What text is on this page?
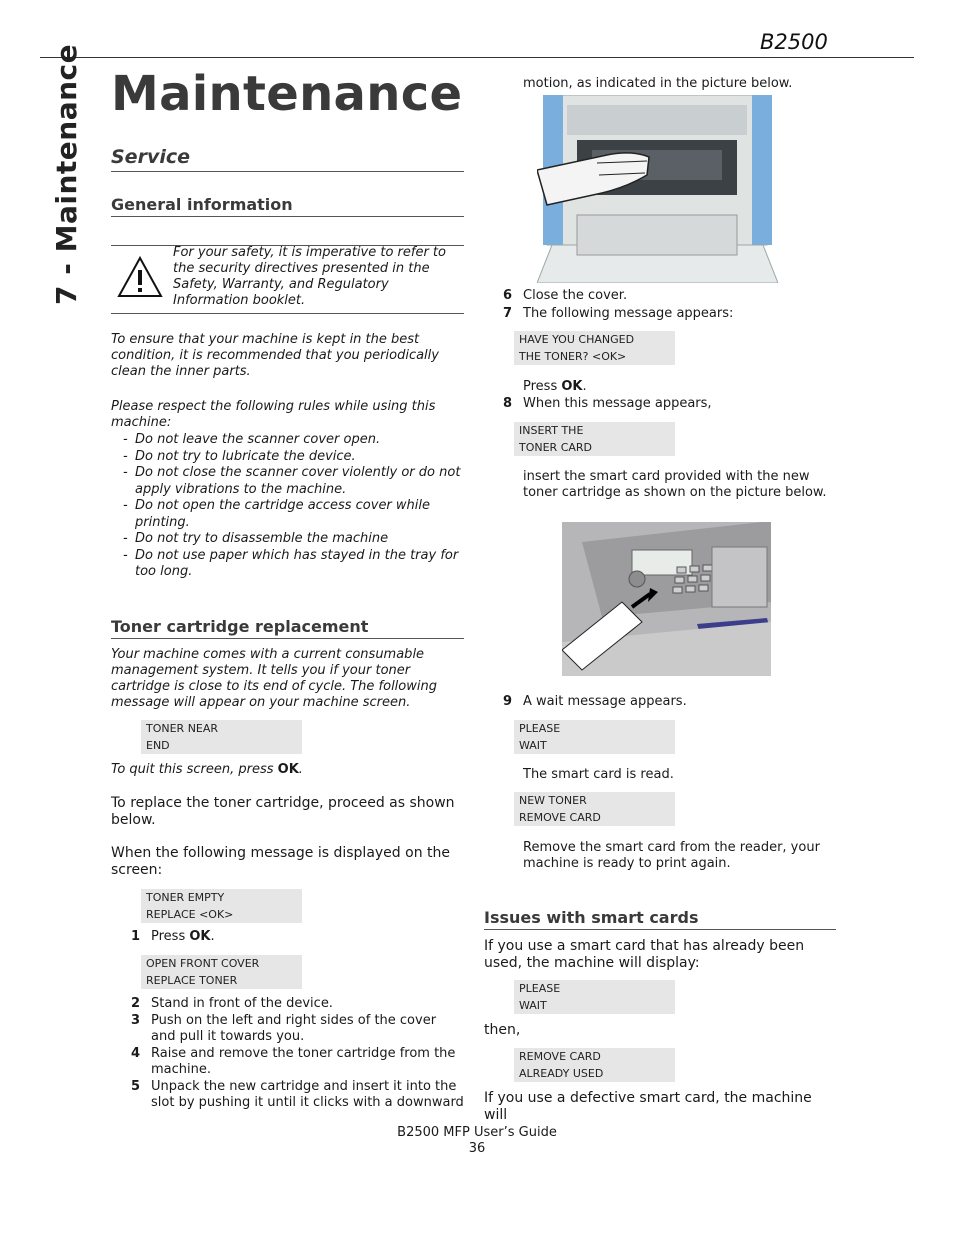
B2500
7 - Maintenance Maintenance
Service
General information
For your safety, it is imperative to refer to the security directives presented in the Safety, Warranty, and Regulatory Information booklet.
To ensure that your machine is kept in the best condition, it is recommended that you periodically clean the inner parts.
Please respect the following rules while using this machine:
- Do not leave the scanner cover open.
- Do not try to lubricate the device.
- Do not close the scanner cover violently or do not apply vibrations to the machine.
- Do not open the cartridge access cover while printing.
- Do not try to disassemble the machine
- Do not use paper which has stayed in the tray for too long.
Toner cartridge replacement
Your machine comes with a current consumable management system. It tells you if your toner cartridge is close to its end of cycle. The following message will appear on your machine screen.
TONER NEAR
END
To quit this screen, press OK.
To replace the toner cartridge, proceed as shown below.
When the following message is displayed on the screen:
TONER EMPTY
REPLACE <OK>
1 Press OK.
OPEN FRONT COVER
REPLACE TONER
2 Stand in front of the device.
3 Push on the left and right sides of the cover and pull it towards you.
4 Raise and remove the toner cartridge from the machine.
5 Unpack the new cartridge and insert it into the slot by pushing it until it clicks with a downward
motion, as indicated in the picture below.
6 Close the cover.
7 The following message appears:
HAVE YOU CHANGED
THE TONER? <OK>
Press OK.
8 When this message appears,
INSERT THE
TONER CARD
insert the smart card provided with the new toner cartridge as shown on the picture below.
9 A wait message appears.
PLEASE
WAIT
The smart card is read.
NEW TONER
REMOVE CARD
Remove the smart card from the reader, your machine is ready to print again.
Issues with smart cards
If you use a smart card that has already been used, the machine will display:
PLEASE
WAIT
then,
REMOVE CARD
ALREADY USED
If you use a defective smart card, the machine will
B2500 MFP User’s Guide
36
